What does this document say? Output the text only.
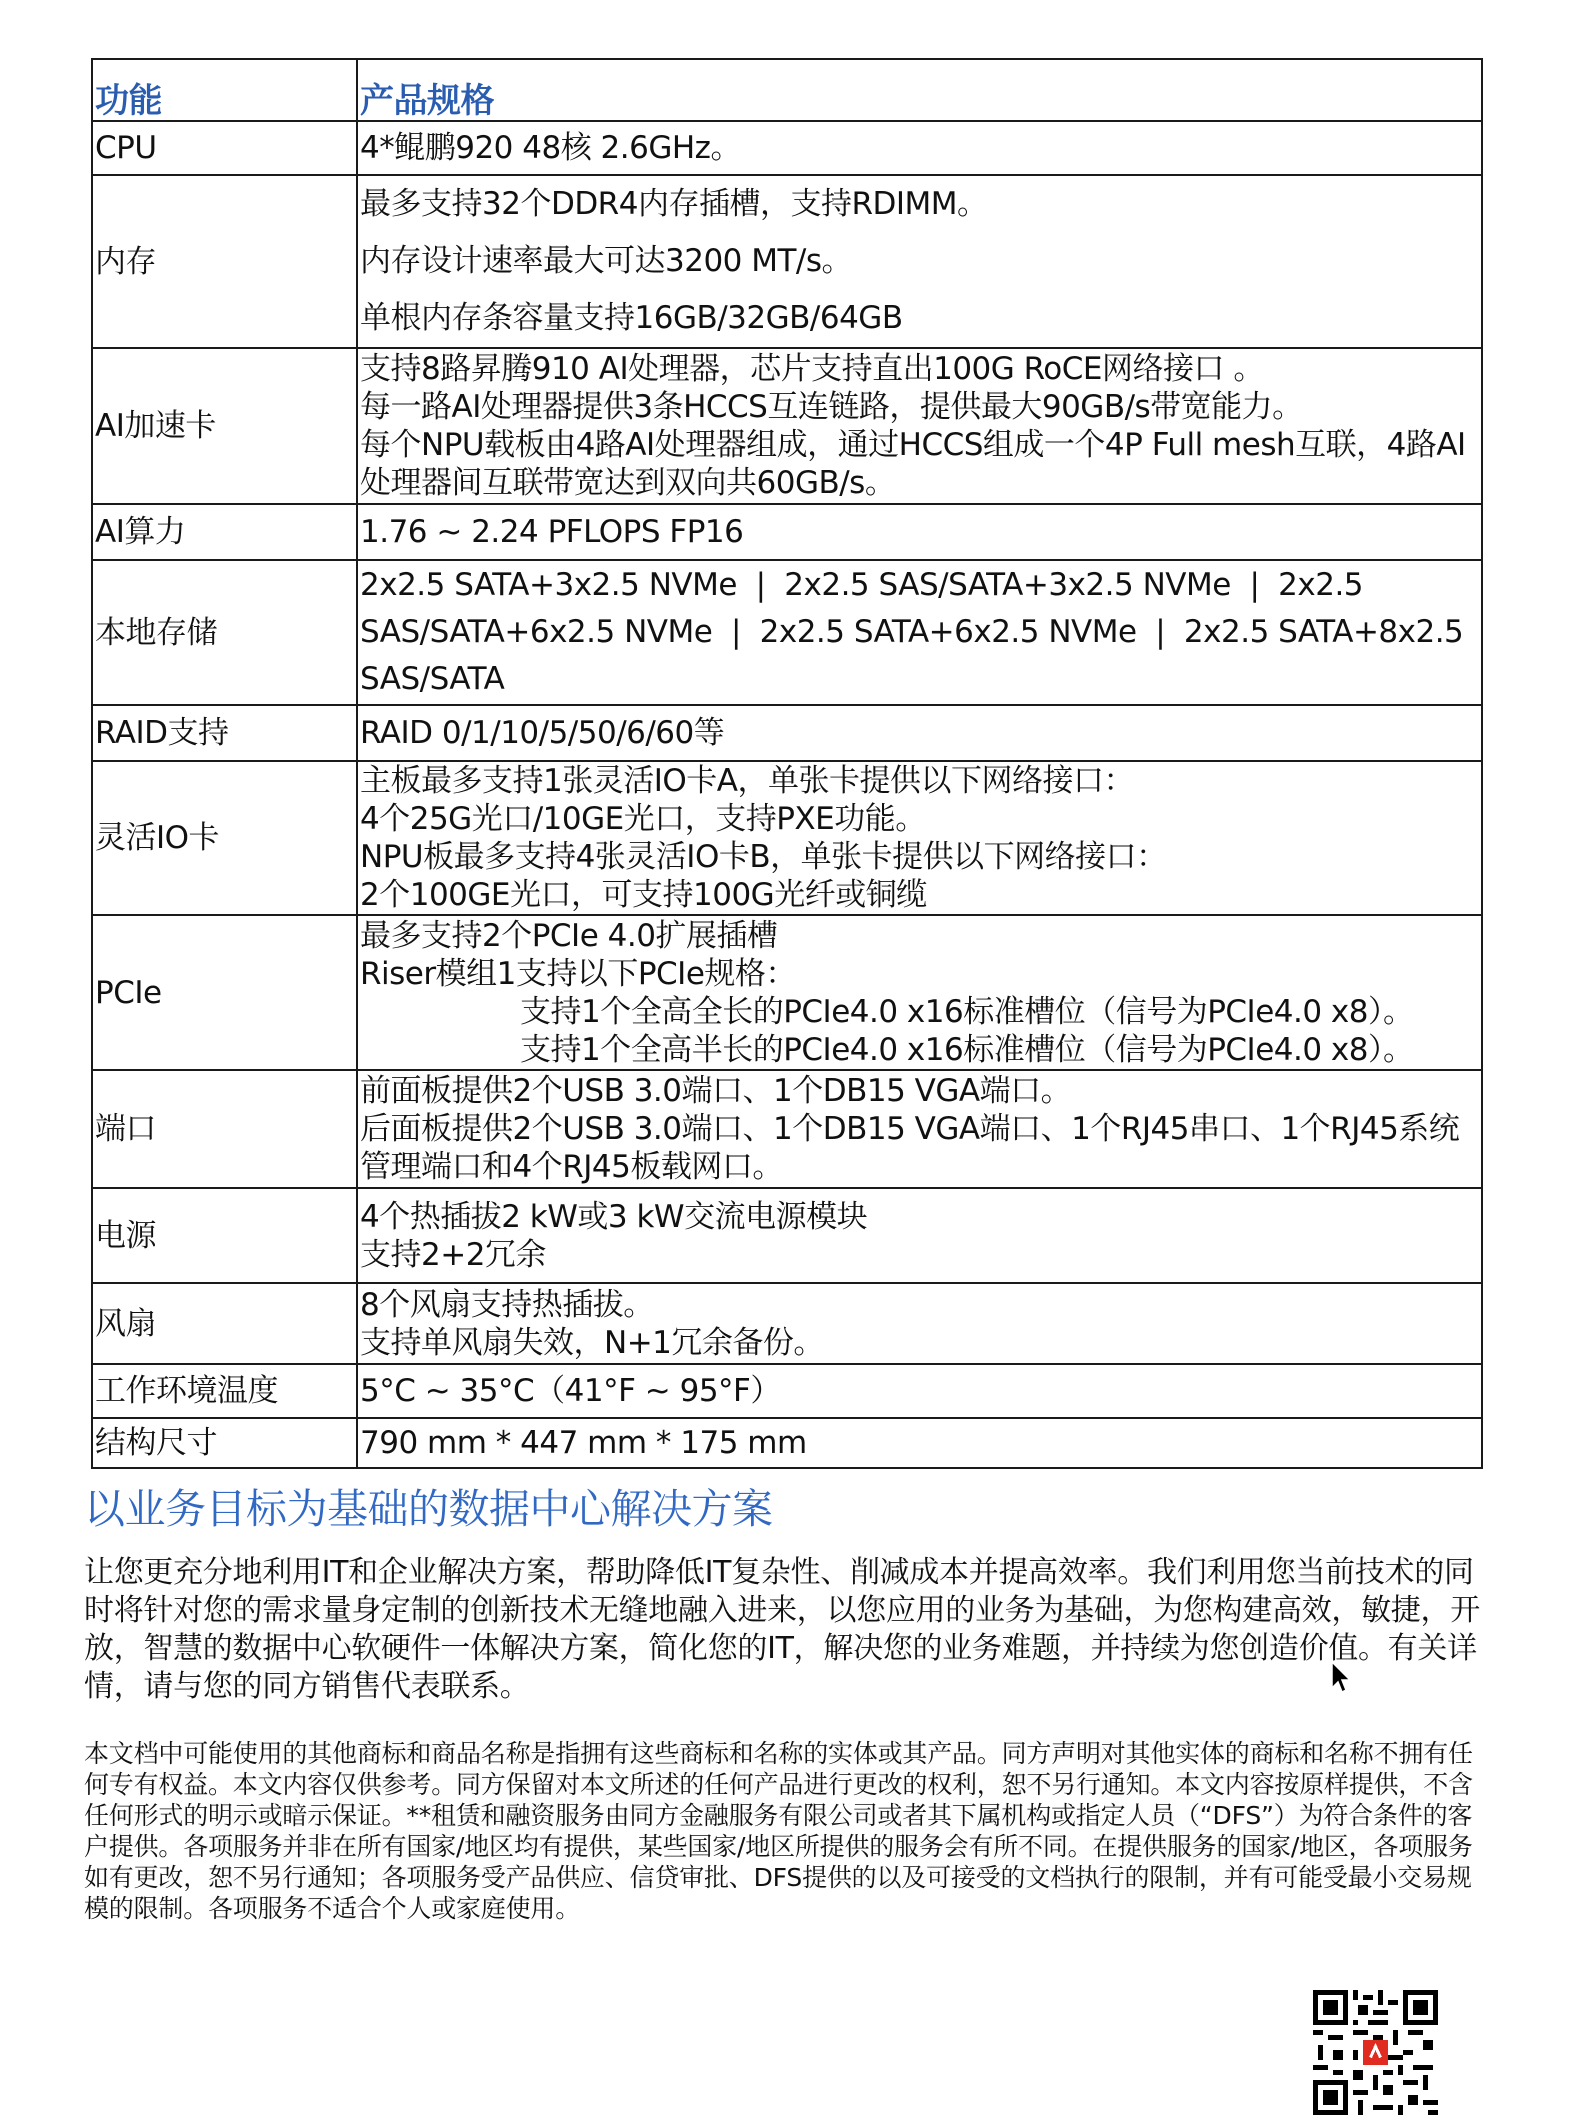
功能	产品规格
CPU	4*鲲鹏920 48核 2.6GHz。

内存	最多支持32个DDR4内存插槽，支持RDIMM。
内存设计速率最大可达3200 MT/s。
单根内存条容量支持16GB/32GB/64GB

AI加速卡	支持8路昇腾910 AI处理器，芯片支持直出100G RoCE网络接口 。
每一路AI处理器提供3条HCCS互连链路，提供最大90GB/s带宽能力。
每个NPU载板由4路AI处理器组成，通过HCCS组成一个4P Full mesh互联，4路AI处理器间互联带宽达到双向共60GB/s。

AI算力	1.76 ~ 2.24 PFLOPS FP16

本地存储	2x2.5 SATA+3x2.5 NVMe  |  2x2.5 SAS/SATA+3x2.5 NVMe  |  2x2.5 SAS/SATA+6x2.5 NVMe  |  2x2.5 SATA+6x2.5 NVMe  |  2x2.5 SATA+8x2.5 SAS/SATA

RAID支持	RAID 0/1/10/5/50/6/60等

灵活IO卡	主板最多支持1张灵活IO卡A，单张卡提供以下网络接口：
4个25G光口/10GE光口，支持PXE功能。
NPU板最多支持4张灵活IO卡B，单张卡提供以下网络接口：
2个100GE光口，可支持100G光纤或铜缆

PCIe	最多支持2个PCIe 4.0扩展插槽
Riser模组1支持以下PCIe规格：
支持1个全高全长的PCIe4.0 x16标准槽位（信号为PCIe4.0 x8）。
支持1个全高半长的PCIe4.0 x16标准槽位（信号为PCIe4.0 x8）。

端口	前面板提供2个USB 3.0端口、1个DB15 VGA端口。
后面板提供2个USB 3.0端口、1个DB15 VGA端口、1个RJ45串口、1个RJ45系统管理端口和4个RJ45板载网口。

电源	4个热插拔2 kW或3 kW交流电源模块
支持2+2冗余

风扇	8个风扇支持热插拔。
支持单风扇失效，N+1冗余备份。

工作环境温度	5°C ~ 35°C（41°F ~ 95°F）

结构尺寸	790 mm * 447 mm * 175 mm
以业务目标为基础的数据中心解决方案

让您更充分地利用IT和企业解决方案，帮助降低IT复杂性、削减成本并提高效率。我们利用您当前技术的同时将针对您的需求量身定制的创新技术无缝地融入进来，以您应用的业务为基础，为您构建高效，敏捷，开放，智慧的数据中心软硬件一体解决方案，简化您的IT，解决您的业务难题，并持续为您创造价值。有关详情，请与您的同方销售代表联系。

本文档中可能使用的其他商标和商品名称是指拥有这些商标和名称的实体或其产品。同方声明对其他实体的商标和名称不拥有任何专有权益。本文内容仅供参考。同方保留对本文所述的任何产品进行更改的权利，恕不另行通知。本文内容按原样提供，不含任何形式的明示或暗示保证。**租赁和融资服务由同方金融服务有限公司或者其下属机构或指定人员（“DFS”）为符合条件的客户提供。各项服务并非在所有国家/地区均有提供，某些国家/地区所提供的服务会有所不同。在提供服务的国家/地区，各项服务如有更改，恕不另行通知；各项服务受产品供应、信贷审批、DFS提供的以及可接受的文档执行的限制，并有可能受最小交易规模的限制。各项服务不适合个人或家庭使用。
